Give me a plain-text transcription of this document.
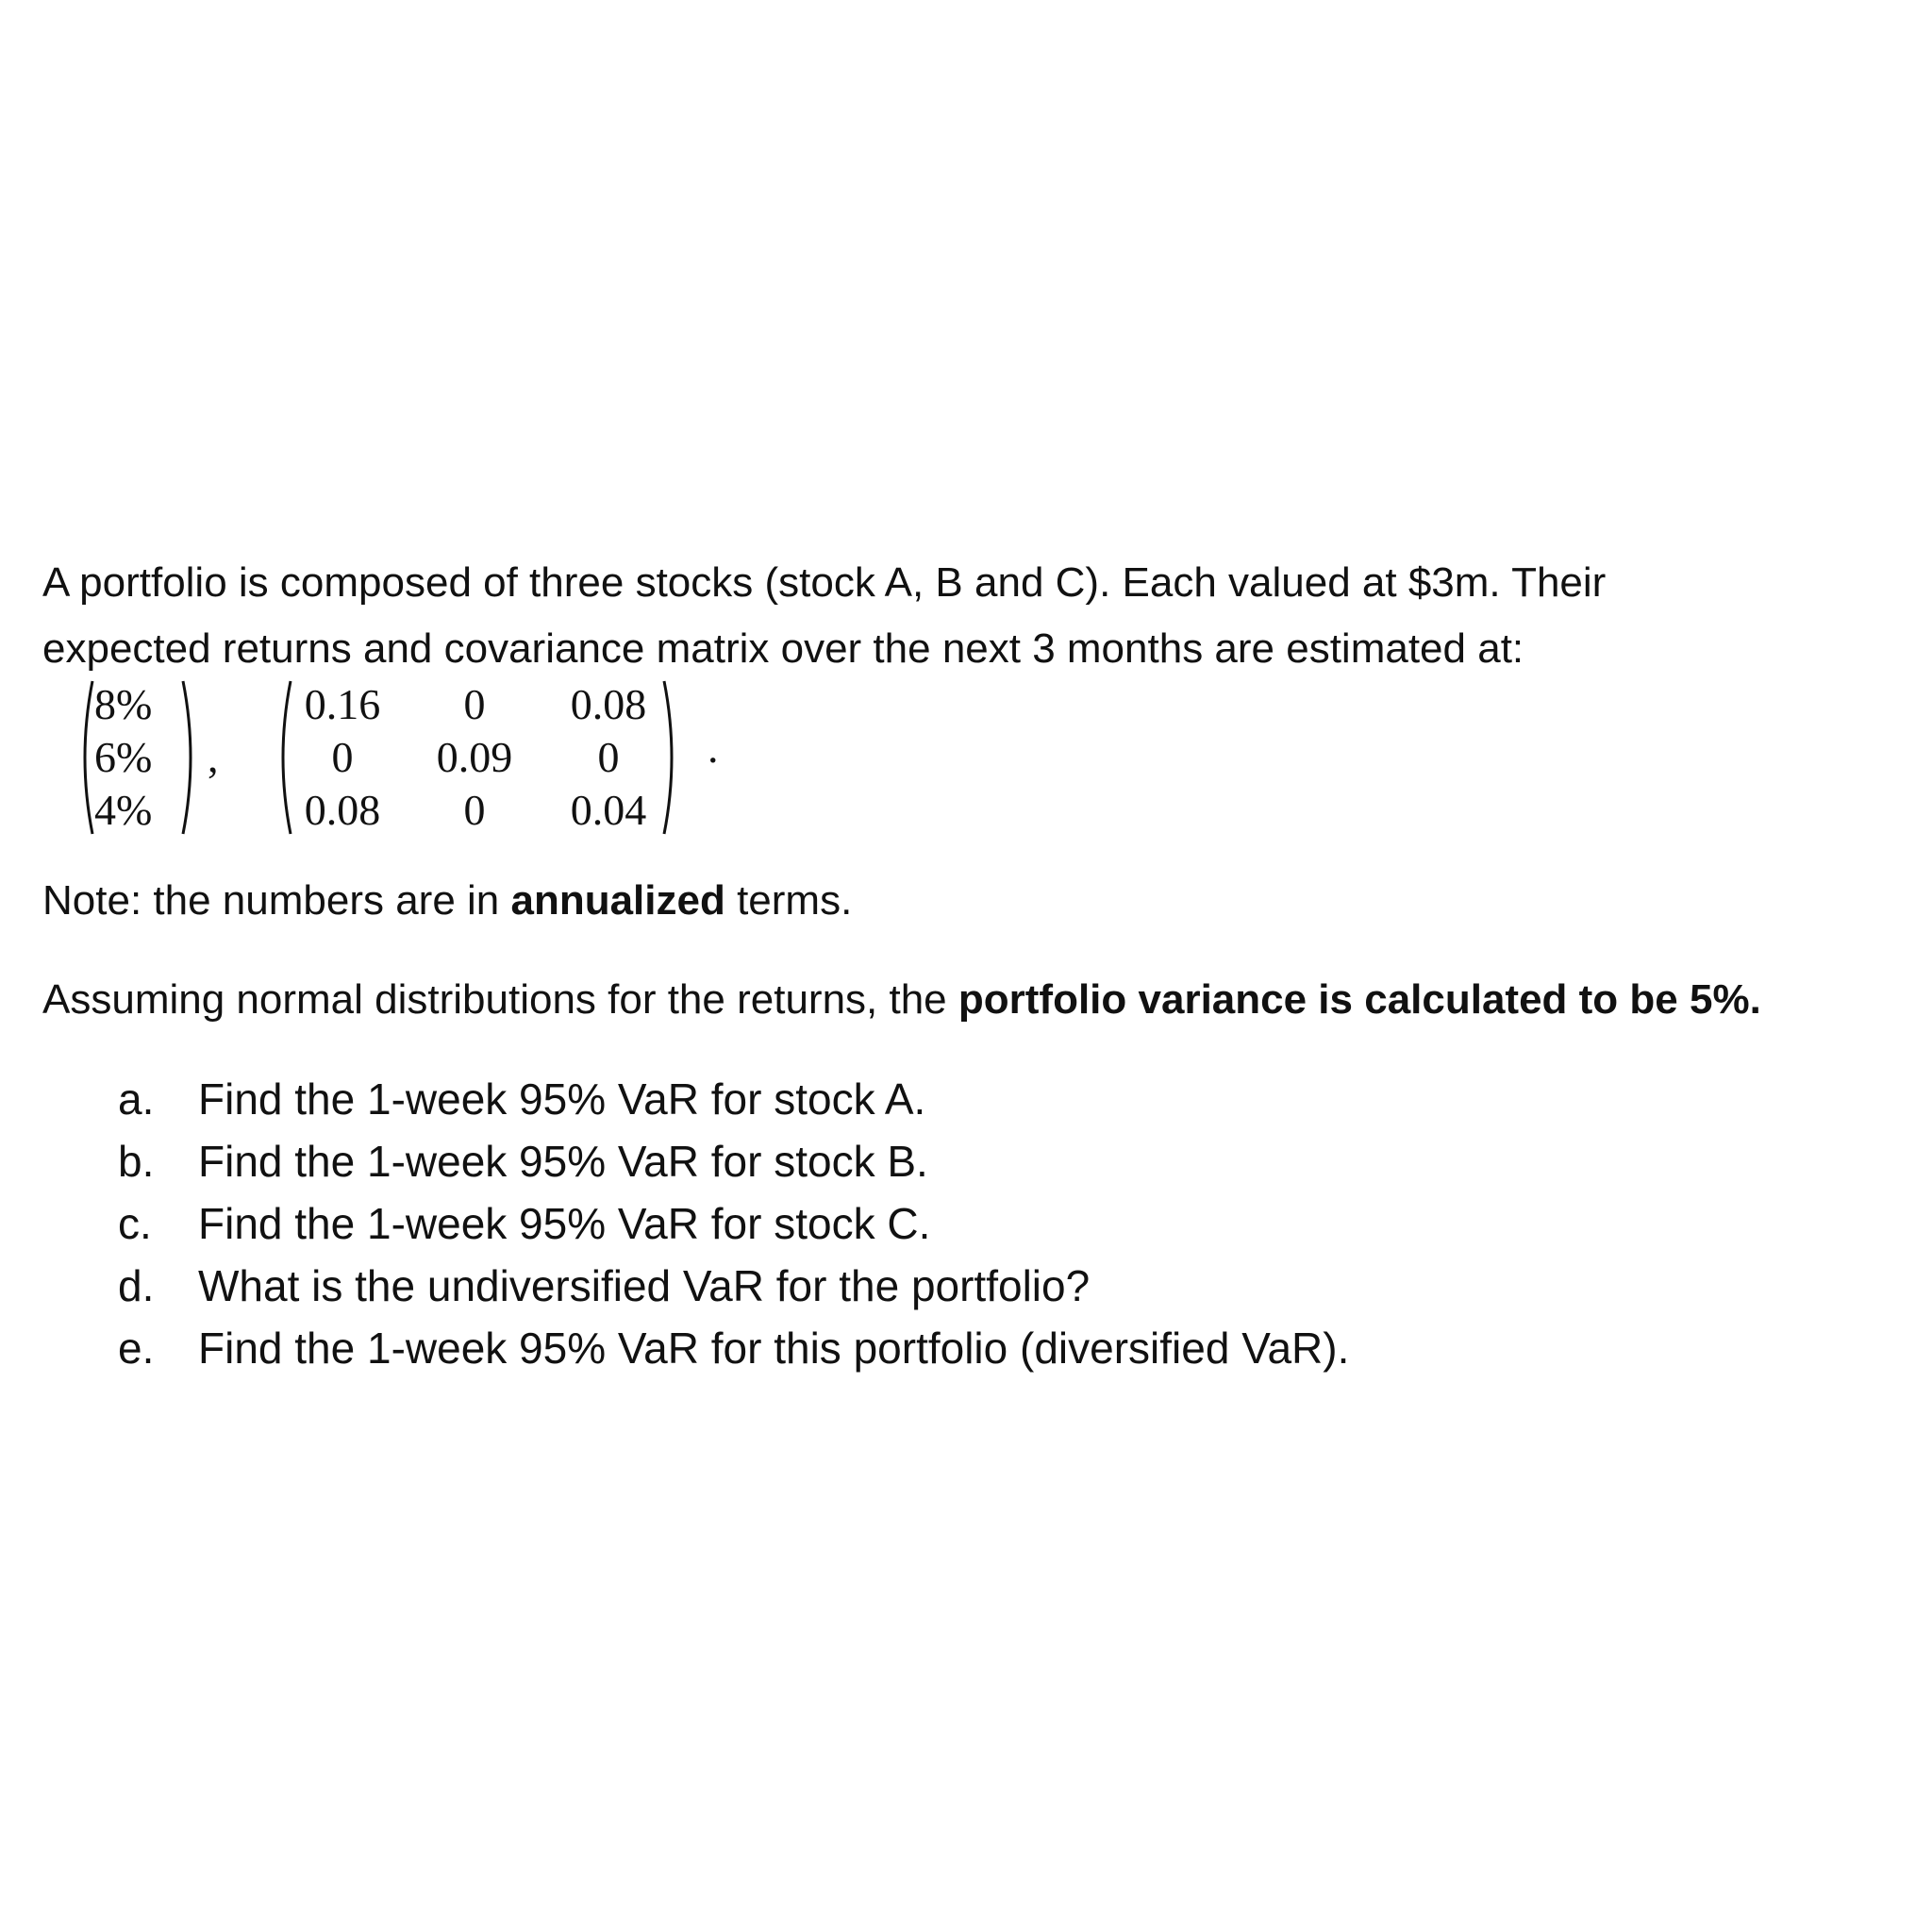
A portfolio is composed of three stocks (stock A, B and C). Each valued at $3m. Their
expected returns and covariance matrix over the next 3 months are estimated at:
8%
6%
4%
,
0.16	0	0.08
0	0.09	0
0.08	0	0.04
.

Note: the numbers are in annualized terms.

Assuming normal distributions for the returns, the portfolio variance is calculated to be 5%.

a. Find the 1-week 95% VaR for stock A.
b. Find the 1-week 95% VaR for stock B.
c. Find the 1-week 95% VaR for stock C.
d. What is the undiversified VaR for the portfolio?
e. Find the 1-week 95% VaR for this portfolio (diversified VaR).
